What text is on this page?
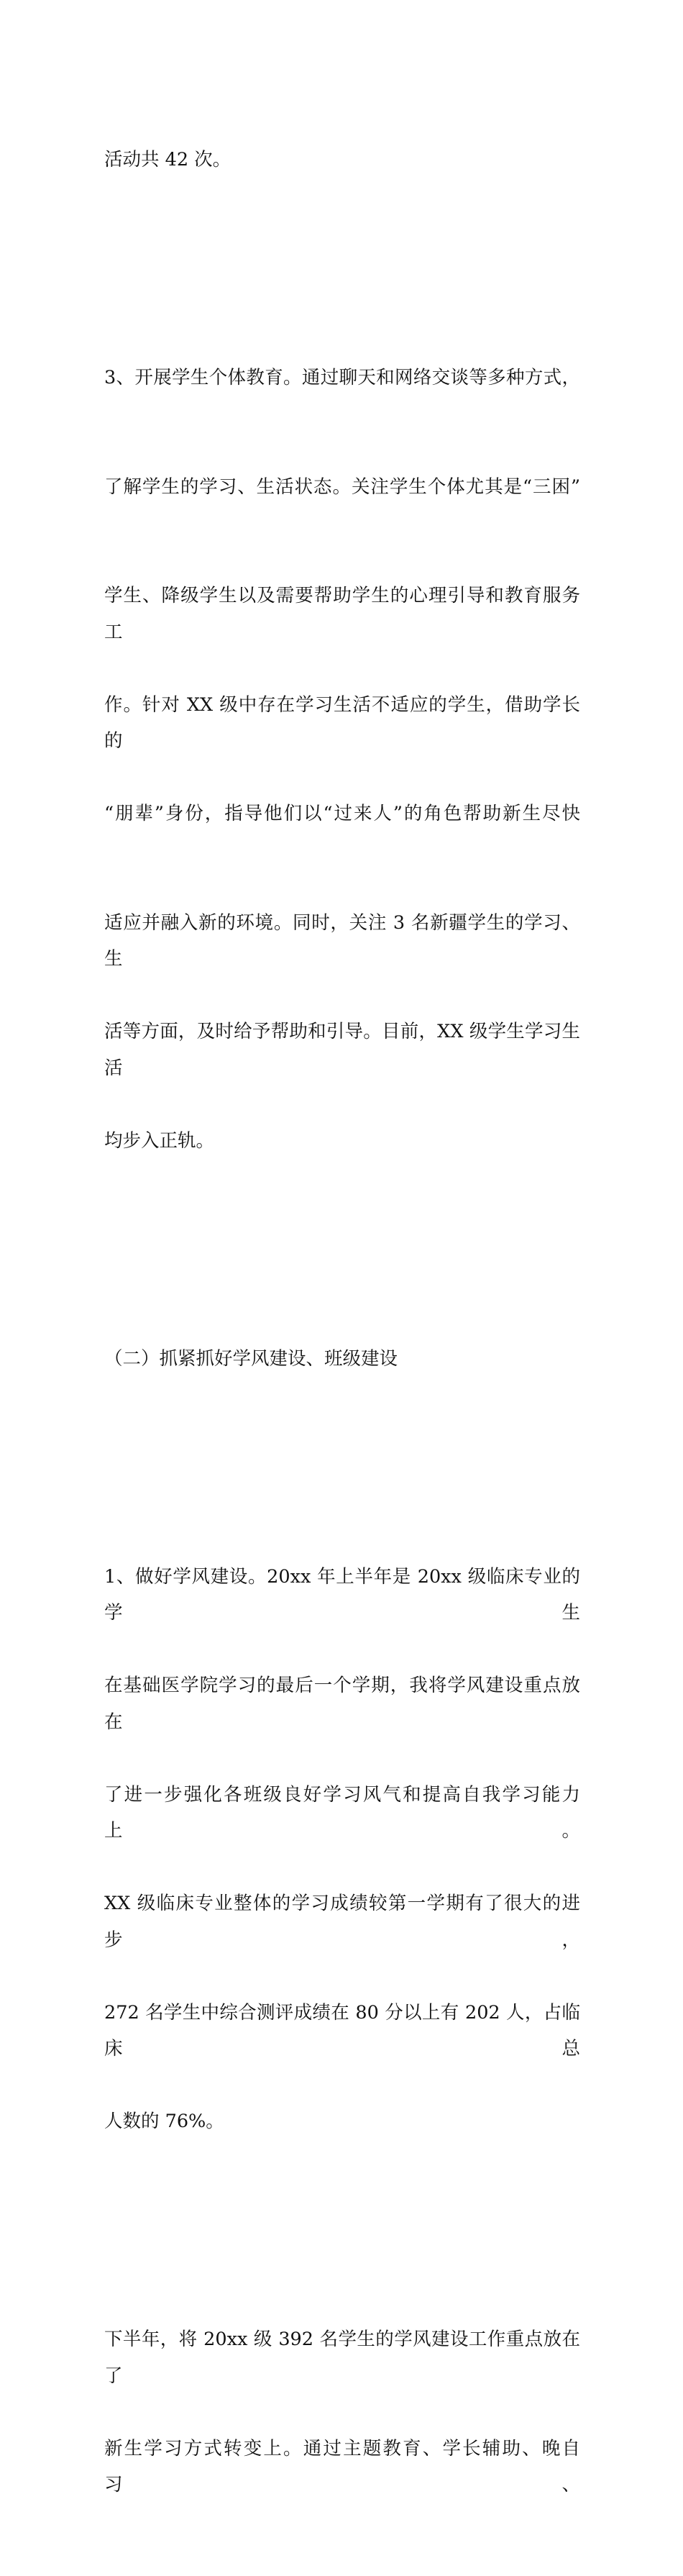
活动共 42 次。

3、开展学生个体教育。通过聊天和网络交谈等多种方式，

了解学生的学习、生活状态。关注学生个体尤其是“三困”

学生、降级学生以及需要帮助学生的心理引导和教育服务工

作。针对 XX 级中存在学习生活不适应的学生，借助学长的

“朋辈”身份，指导他们以“过来人”的角色帮助新生尽快

适应并融入新的环境。同时，关注 3 名新疆学生的学习、生

活等方面，及时给予帮助和引导。目前，XX 级学生学习生活

均步入正轨。

（二）抓紧抓好学风建设、班级建设

1、做好学风建设。20xx 年上半年是 20xx 级临床专业的学生

在基础医学院学习的最后一个学期，我将学风建设重点放在

了进一步强化各班级良好学习风气和提高自我学习能力上。

XX 级临床专业整体的学习成绩较第一学期有了很大的进步，

272 名学生中综合测评成绩在 80 分以上有 202 人，占临床总

人数的 76%。

下半年，将 20xx 级 392 名学生的学风建设工作重点放在了

新生学习方式转变上。通过主题教育、学长辅助、晚自习、
